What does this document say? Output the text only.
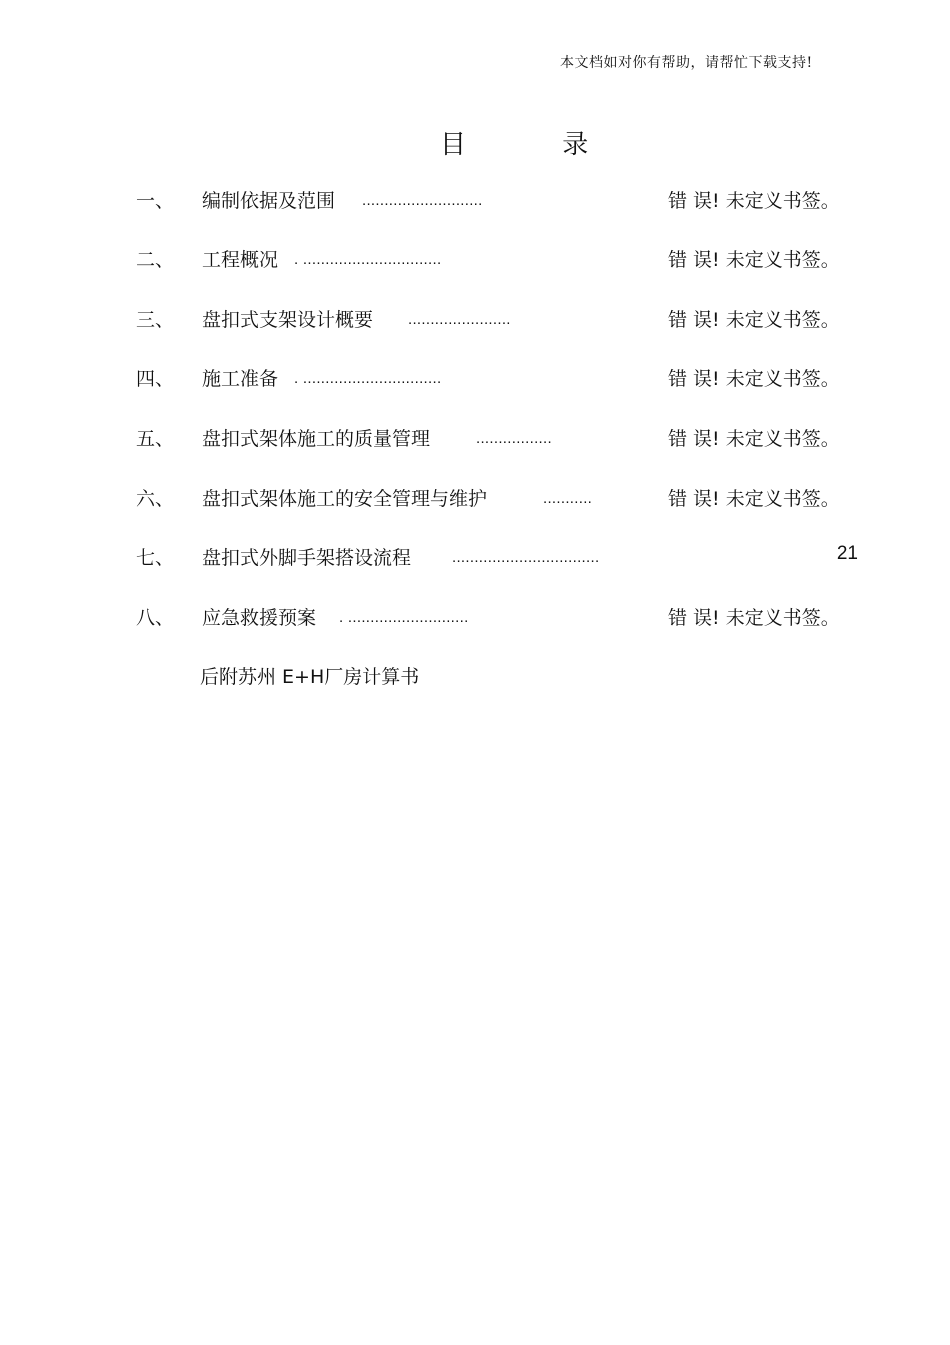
本文档如对你有帮助，请帮忙下载支持!
目 录
一、 编制依据及范围 ...........................	错 误! 未定义书签。
二、 工程概况 . ...............................	错 误! 未定义书签。
三、 盘扣式支架设计概要 .......................	错 误! 未定义书签。
四、 施工准备 . ...............................	错 误! 未定义书签。
五、 盘扣式架体施工的质量管理	.................	错 误! 未定义书签。
六、 盘扣式架体施工的安全管理与维护	...........	错 误! 未定义书签。
七、 盘扣式外脚手架搭设流程	.................................	21
八、 应急救援预案 . ...........................	错 误! 未定义书签。
后附苏州 E+H厂房计算书
